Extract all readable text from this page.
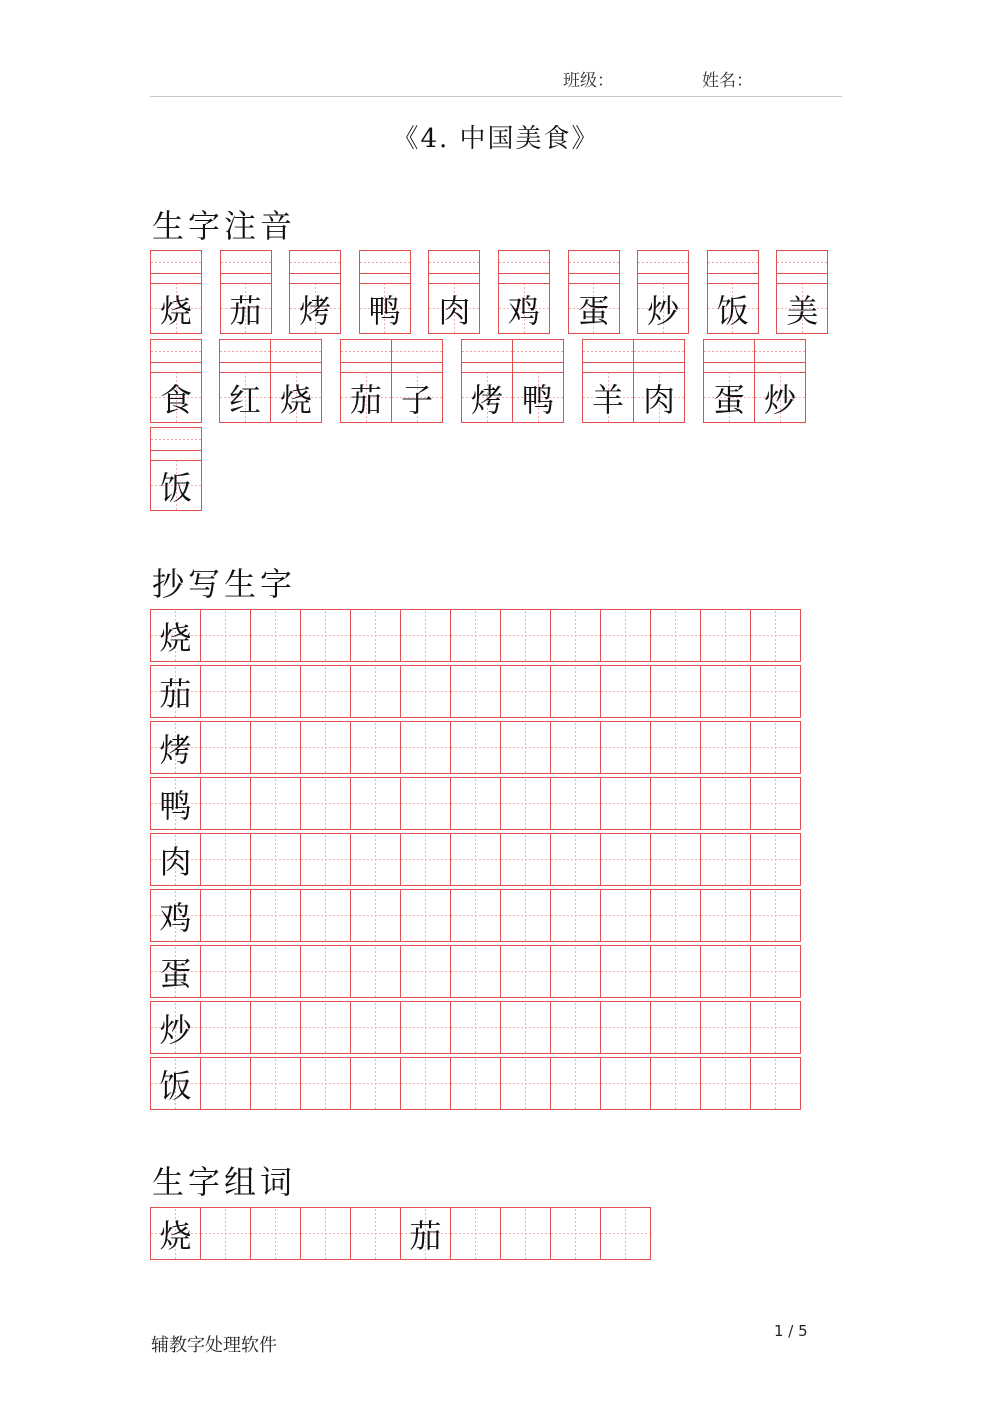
班级：	姓名：
《4. 中国美食》
生字注音
烧 茄 烤 鸭 肉 鸡 蛋 炒 饭 美
食 红 烧 茄 子 烤 鸭 羊 肉 蛋 炒
饭
抄写生字
烧
茄
烤
鸭
肉
鸡
蛋
炒
饭
生字组词
烧	茄
辅教字处理软件
1 / 5
